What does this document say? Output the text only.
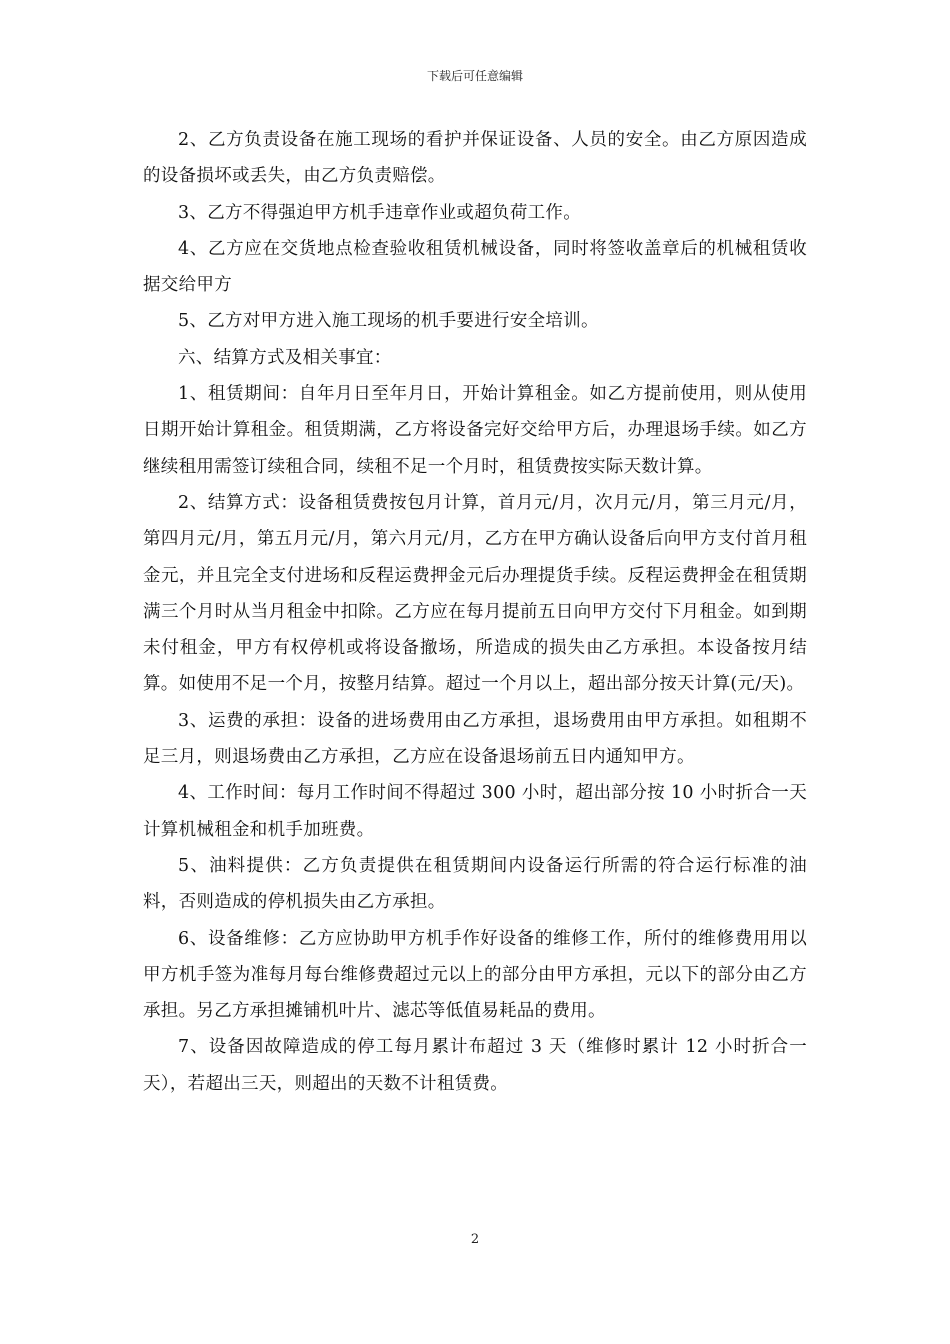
下载后可任意编辑

2、乙方负责设备在施工现场的看护并保证设备、人员的安全。由乙方原因造成的设备损坏或丢失，由乙方负责赔偿。

3、乙方不得强迫甲方机手违章作业或超负荷工作。

4、乙方应在交货地点检查验收租赁机械设备，同时将签收盖章后的机械租赁收据交给甲方

5、乙方对甲方进入施工现场的机手要进行安全培训。

六、结算方式及相关事宜：

1、租赁期间：自年月日至年月日，开始计算租金。如乙方提前使用，则从使用日期开始计算租金。租赁期满，乙方将设备完好交给甲方后，办理退场手续。如乙方继续租用需签订续租合同，续租不足一个月时，租赁费按实际天数计算。

2、结算方式：设备租赁费按包月计算，首月元/月，次月元/月，第三月元/月，第四月元/月，第五月元/月，第六月元/月，乙方在甲方确认设备后向甲方支付首月租金元，并且完全支付进场和反程运费押金元后办理提货手续。反程运费押金在租赁期满三个月时从当月租金中扣除。乙方应在每月提前五日向甲方交付下月租金。如到期未付租金，甲方有权停机或将设备撤场，所造成的损失由乙方承担。本设备按月结算。如使用不足一个月，按整月结算。超过一个月以上，超出部分按天计算(元/天)。

3、运费的承担：设备的进场费用由乙方承担，退场费用由甲方承担。如租期不足三月，则退场费由乙方承担，乙方应在设备退场前五日内通知甲方。

4、工作时间：每月工作时间不得超过 300 小时，超出部分按 10 小时折合一天计算机械租金和机手加班费。

5、油料提供：乙方负责提供在租赁期间内设备运行所需的符合运行标准的油料，否则造成的停机损失由乙方承担。

6、设备维修：乙方应协助甲方机手作好设备的维修工作，所付的维修费用用以甲方机手签为准每月每台维修费超过元以上的部分由甲方承担，元以下的部分由乙方承担。另乙方承担摊铺机叶片、滤芯等低值易耗品的费用。

7、设备因故障造成的停工每月累计布超过 3 天（维修时累计 12 小时折合一天），若超出三天，则超出的天数不计租赁费。

2
